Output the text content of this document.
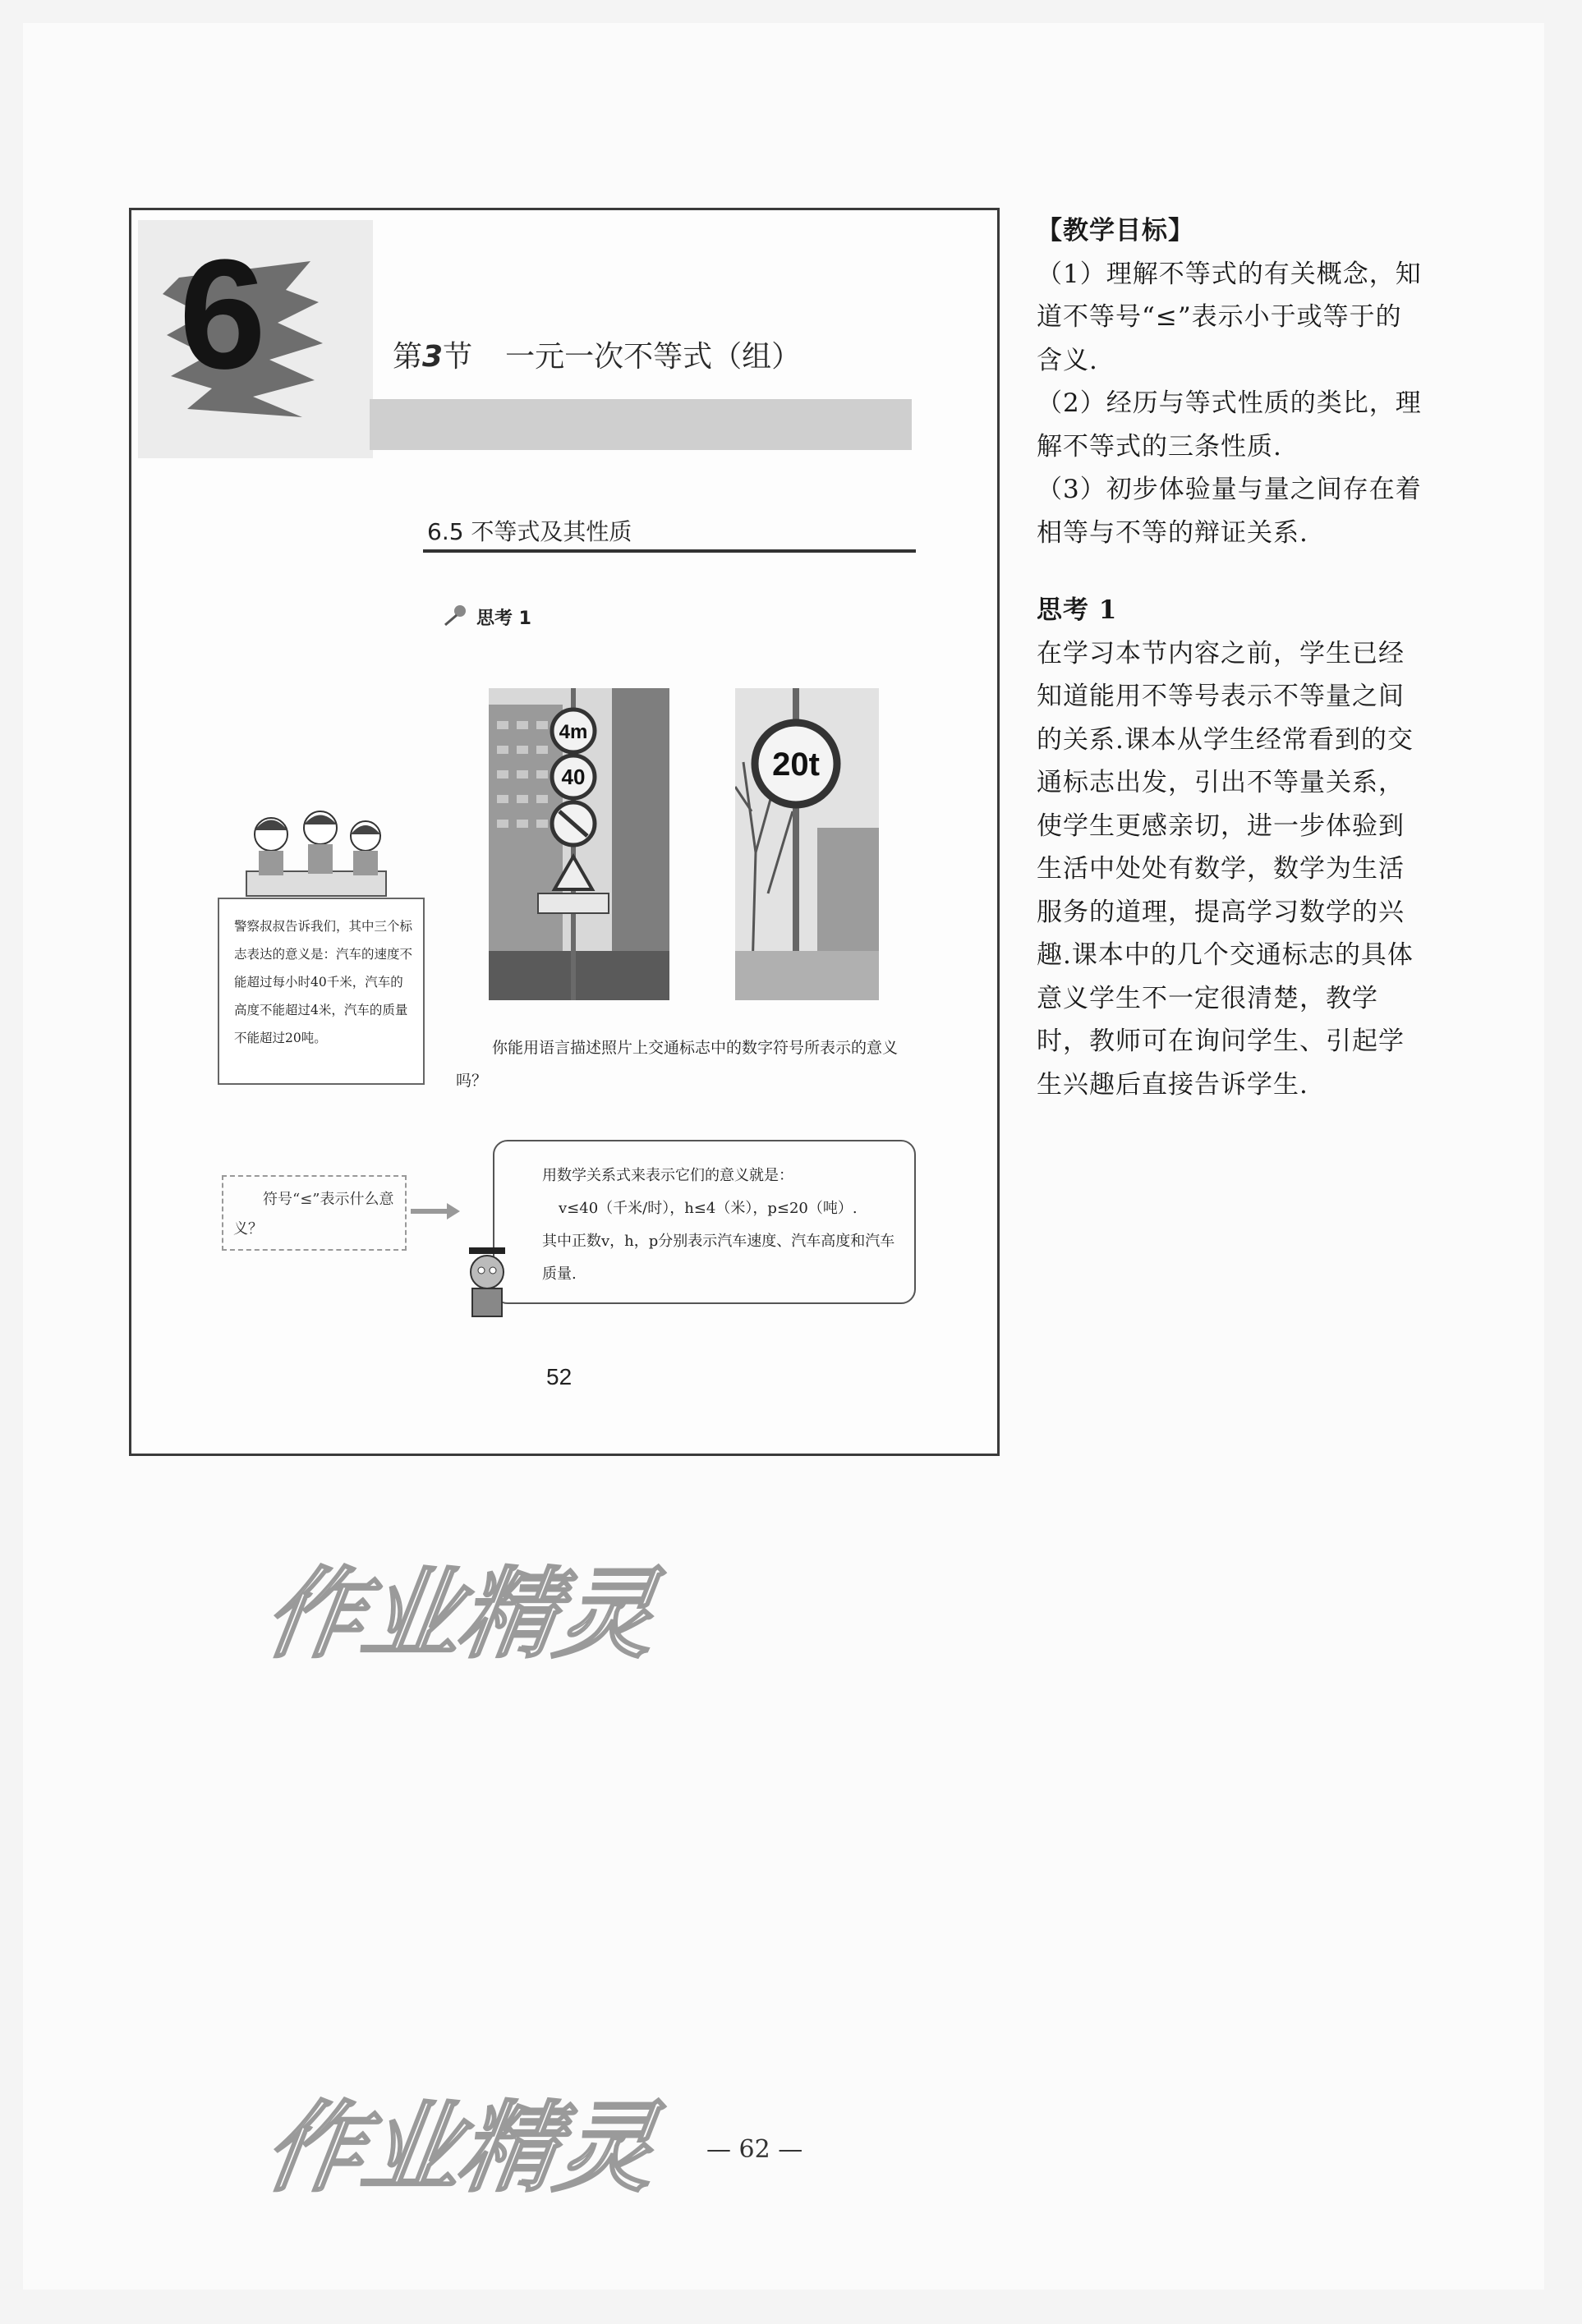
6	第3节 一元一次不等式（组）
6.5 不等式及其性质
思考 1
4m
40	20t
警察叔叔告诉我们，其中三个标志表达的意义是：汽车的速度不能超过每小时40千米，汽车的高度不能超过4米，汽车的质量不能超过20吨。
你能用语言描述照片上交通标志中的数字符号所表示的意义吗？
符号“≤”表示什么意义？
用数学关系式来表示它们的意义就是：
v≤40（千米/时），h≤4（米），p≤20（吨）.
其中正数v，h，p分别表示汽车速度、汽车高度和汽车质量.
52

【教学目标】

（1）理解不等式的有关概念，知道不等号“≤”表示小于或等于的含义.

（2）经历与等式性质的类比，理解不等式的三条性质.

（3）初步体验量与量之间存在着相等与不等的辩证关系.

思考 1

在学习本节内容之前，学生已经知道能用不等号表示不等量之间的关系.课本从学生经常看到的交通标志出发，引出不等量关系，使学生更感亲切，进一步体验到生活中处处有数学，数学为生活服务的道理，提高学习数学的兴趣.课本中的几个交通标志的具体意义学生不一定很清楚，教学时，教师可在询问学生、引起学生兴趣后直接告诉学生.

作业精灵
作业精灵 — 62 —
